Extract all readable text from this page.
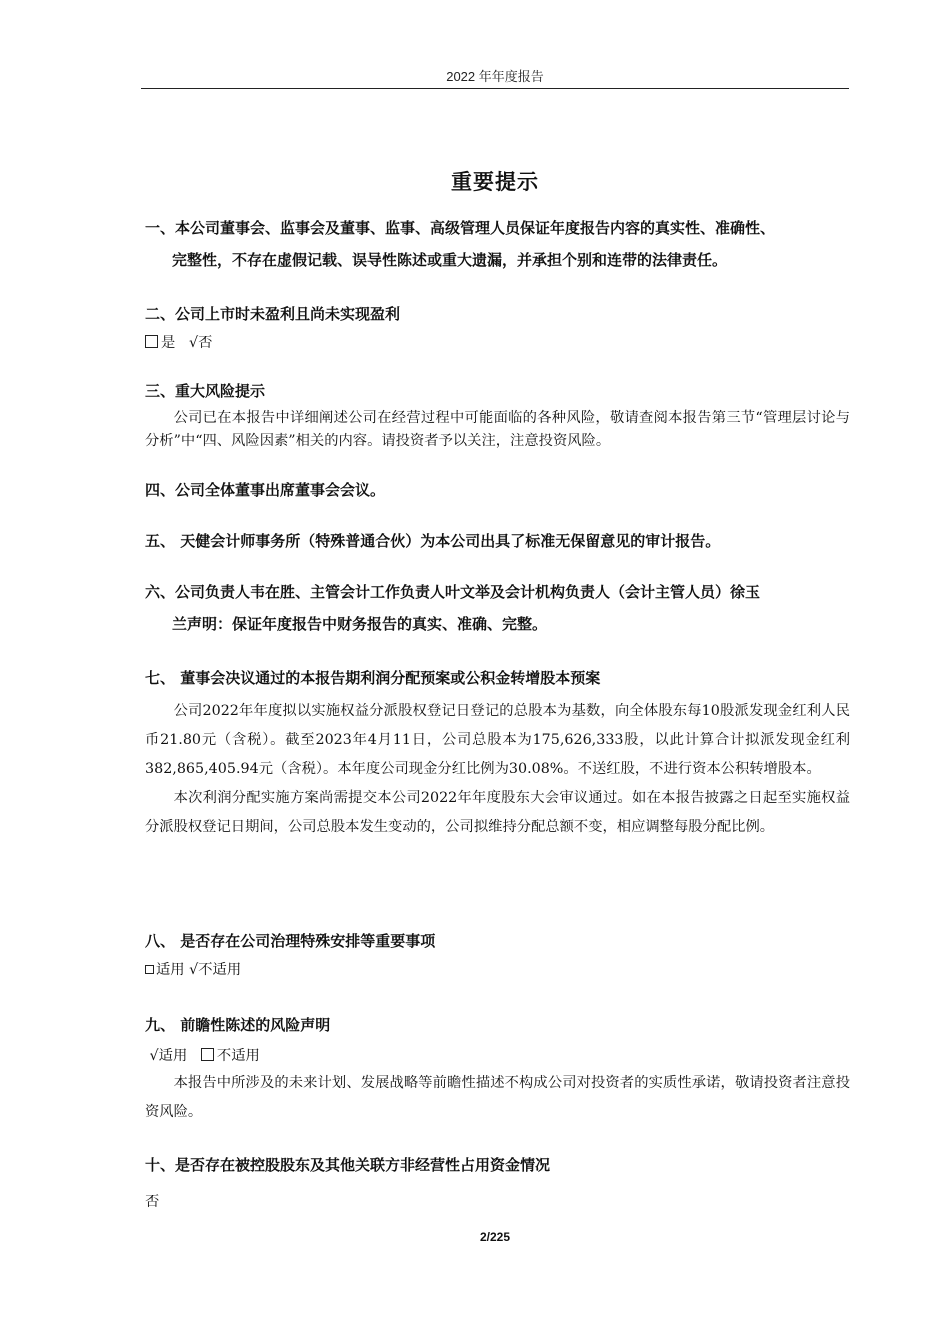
2022 年年度报告
重要提示

一、本公司董事会、监事会及董事、监事、高级管理人员保证年度报告内容的真实性、准确性、
完整性，不存在虚假记载、误导性陈述或重大遗漏，并承担个别和连带的法律责任。

二、公司上市时未盈利且尚未实现盈利

是 √否

三、重大风险提示

公司已在本报告中详细阐述公司在经营过程中可能面临的各种风险，敬请查阅本报告第三节“管理层讨论与分析”中“四、风险因素”相关的内容。请投资者予以关注，注意投资风险。

四、公司全体董事出席董事会会议。

五、 天健会计师事务所（特殊普通合伙）为本公司出具了标准无保留意见的审计报告。

六、公司负责人韦在胜、主管会计工作负责人叶文举及会计机构负责人（会计主管人员）徐玉
兰声明：保证年度报告中财务报告的真实、准确、完整。

七、 董事会决议通过的本报告期利润分配预案或公积金转增股本预案

公司2022年年度拟以实施权益分派股权登记日登记的总股本为基数，向全体股东每10股派发现金红利人民币21.80元（含税）。截至2023年4月11日，公司总股本为175,626,333股，以此计算合计拟派发现金红利382,865,405.94元（含税）。本年度公司现金分红比例为30.08%。不送红股，不进行资本公积转增股本。

本次利润分配实施方案尚需提交本公司2022年年度股东大会审议通过。如在本报告披露之日起至实施权益分派股权登记日期间，公司总股本发生变动的，公司拟维持分配总额不变，相应调整每股分配比例。

八、 是否存在公司治理特殊安排等重要事项

适用 √不适用

九、 前瞻性陈述的风险声明

√适用 不适用

本报告中所涉及的未来计划、发展战略等前瞻性描述不构成公司对投资者的实质性承诺，敬请投资者注意投资风险。

十、是否存在被控股股东及其他关联方非经营性占用资金情况

否

2/225
